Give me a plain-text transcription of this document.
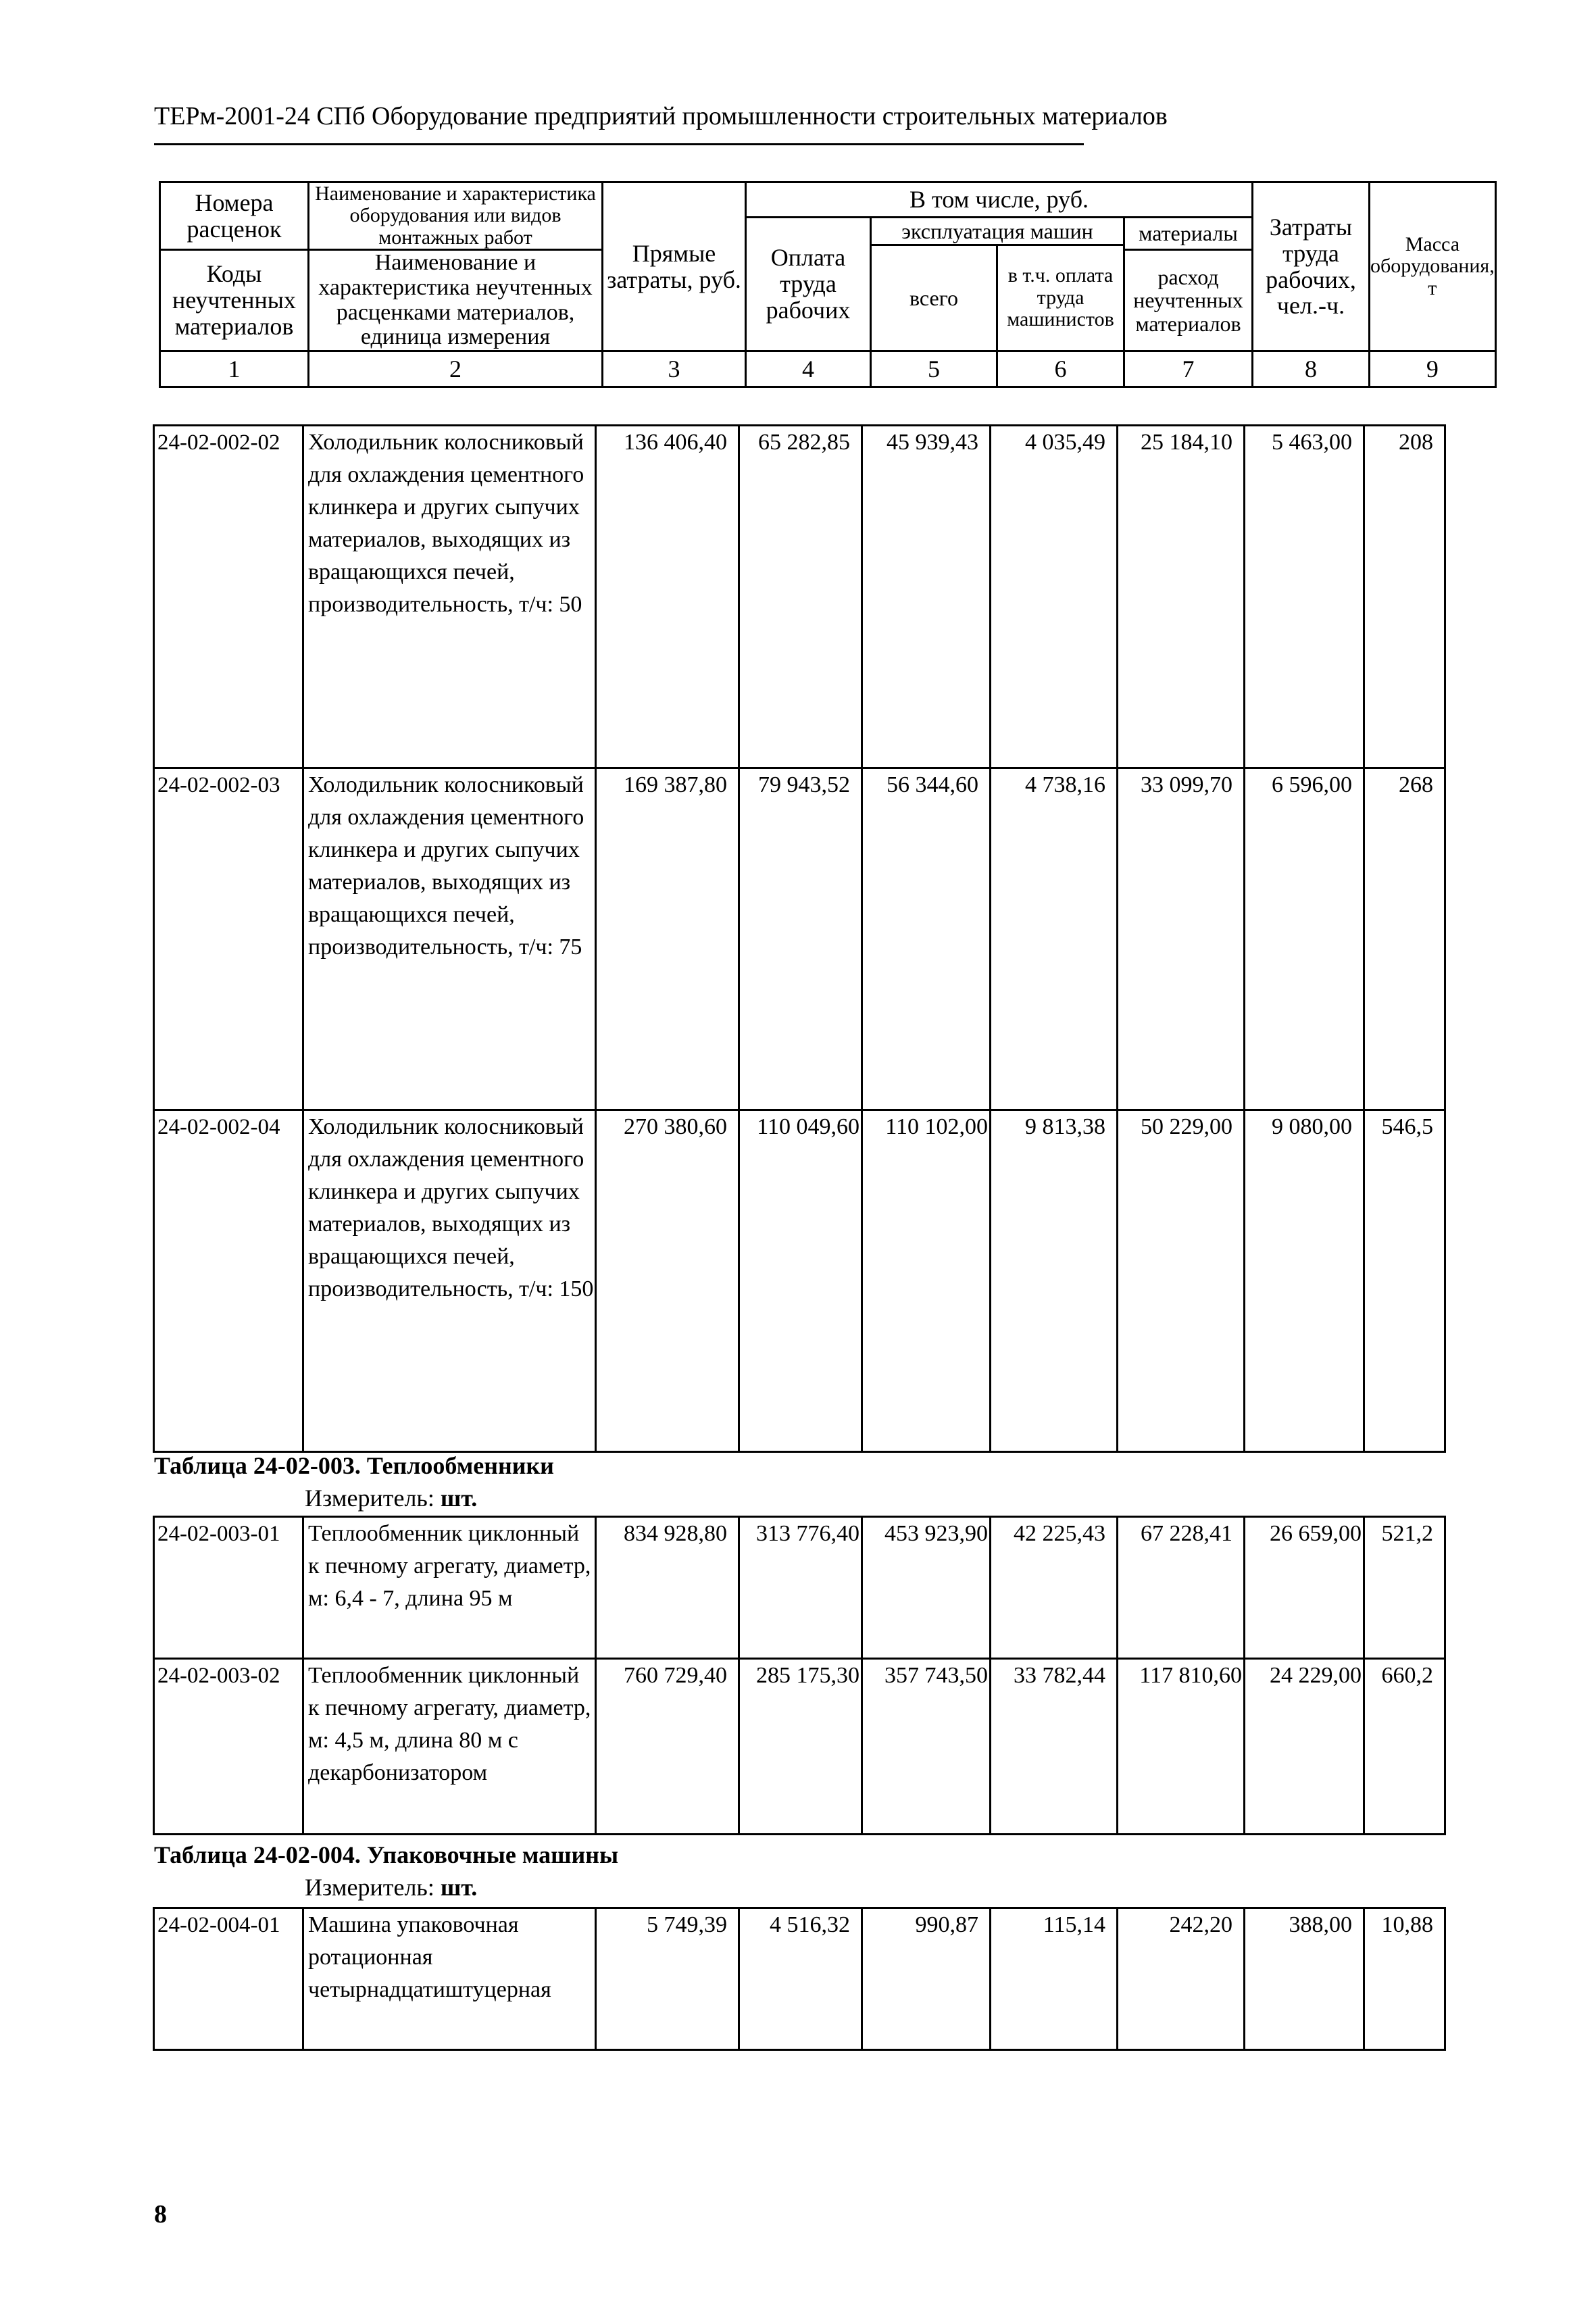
ТЕРм-2001-24 СПб Оборудование предприятий промышленности строительных материалов
Номера расценок	Наименование и характеристика оборудования или видов монтажных работ	Прямые затраты, руб.	В том числе, руб.				Затраты труда рабочих, чел.-ч.	Масса оборудования, т
			Оплата труда рабочих	эксплуатация машин		материалы		
				всего	в т.ч. оплата труда машинистов			
Коды неучтенных материалов	Наименование и характеристика неучтенных расценками материалов, единица измерения					расход неучтенных материалов		

1	2	3	4	5	6	7	8	9
24-02-002-02	Холодильник колосниковый для охлаждения цементного клинкера и других сыпучих материалов, выходящих из вращающихся печей, производительность, т/ч: 50	136 406,40	65 282,85	45 939,43	4 035,49	25 184,10	5 463,00	208
24-02-002-03	Холодильник колосниковый для охлаждения цементного клинкера и других сыпучих материалов, выходящих из вращающихся печей, производительность, т/ч: 75	169 387,80	79 943,52	56 344,60	4 738,16	33 099,70	6 596,00	268
24-02-002-04	Холодильник колосниковый для охлаждения цементного клинкера и других сыпучих материалов, выходящих из вращающихся печей, производительность, т/ч: 150	270 380,60	110 049,60	110 102,00	9 813,38	50 229,00	9 080,00	546,5
Таблица 24-02-003. Теплообменники
Измеритель: шт.
24-02-003-01	Теплообменник циклонный к печному агрегату, диаметр, м: 6,4 - 7, длина 95 м	834 928,80	313 776,40	453 923,90	42 225,43	67 228,41	26 659,00	521,2
24-02-003-02	Теплообменник циклонный к печному агрегату, диаметр, м: 4,5 м, длина 80 м с декарбонизатором	760 729,40	285 175,30	357 743,50	33 782,44	117 810,60	24 229,00	660,2
Таблица 24-02-004. Упаковочные машины
Измеритель: шт.
24-02-004-01	Машина упаковочная ротационная четырнадцатиштуцерная	5 749,39	4 516,32	990,87	115,14	242,20	388,00	10,88
8
